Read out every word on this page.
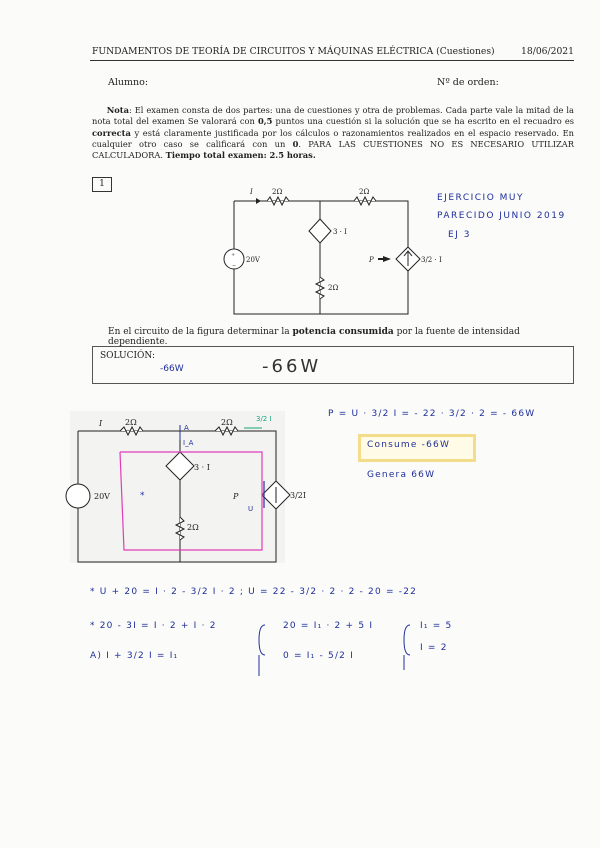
FUNDAMENTOS DE TEORÍA DE CIRCUITOS Y MÁQUINAS ELÉCTRICA (Cuestiones)	18/06/2021
Alumno:	Nº de orden:
Nota: El examen consta de dos partes: una de cuestiones y otra de problemas. Cada parte vale la mitad de la nota total del examen Se valorará con 0,5 puntos una cuestión si la solución que se ha escrito en el recuadro es correcta y está claramente justificada por los cálculos o razonamientos realizados en el espacio reservado. En cualquier otro caso se calificará con un 0. PARA LAS CUESTIONES NO ES NECESARIO UTILIZAR CALCULADORA. Tiempo total examen: 2.5 horas.
1
I	2Ω	2Ω
2Ω
3 · I
20V	P	3/2 · I
+
−
EJERCICIO MUY
PARECIDO JUNIO 2019
EJ 3
En el circuito de la figura determinar la potencia consumida por la fuente de intensidad dependiente.
SOLUCIÓN:
-66W	-66W
I	2Ω	2Ω
2Ω
3 · I
20V	P	3/2I
A
I_A
U
*
3/2 I	P = U · 3/2 I = - 22 · 3/2 · 2 = - 66W
Consume -66W
Genera 66W
* U + 20 = I · 2 - 3/2 I · 2 ; U = 22 - 3/2 · 2 · 2 - 20 = -22
* 20 - 3I = I · 2 + I · 2
A) I + 3/2 I = I₁
20 = I₁ · 2 + 5 I
0 = I₁ - 5/2 I
I₁ = 5
I = 2
